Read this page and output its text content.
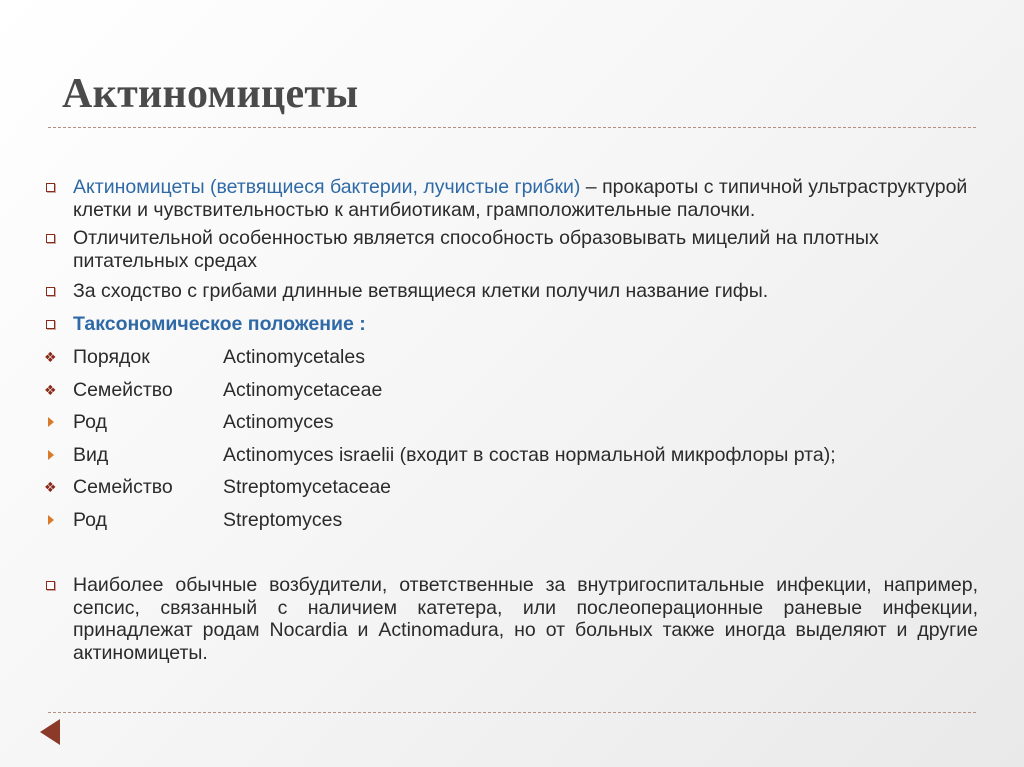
Актиномицеты
Актиномицеты (ветвящиеся бактерии, лучистые грибки) – прокароты с типичной ультраструктурой клетки и чувствительностью к антибиотикам, грамположительные палочки.
Отличительной особенностью является способность образовывать мицелий на плотных питательных средах
За сходство с грибами длинные ветвящиеся клетки получил название гифы.
Таксономическое положение :
❖ Порядок	Actinomycetales
❖ Семейство	Actinomycetaceae
Род	Actinomyces
Вид	Actinomyces israelii (входит в состав нормальной микрофлоры рта);
❖ Семейство	Streptomycetaceae
Род	Streptomyces
Наиболее обычные возбудители, ответственные за внутригоспитальные инфекции, например, сепсис, связанный с наличием катетера, или послеоперационные раневые инфекции, принадлежат родам Nocardia и Actinomadura, но от больных также иногда выделяют и другие актиномицеты.
